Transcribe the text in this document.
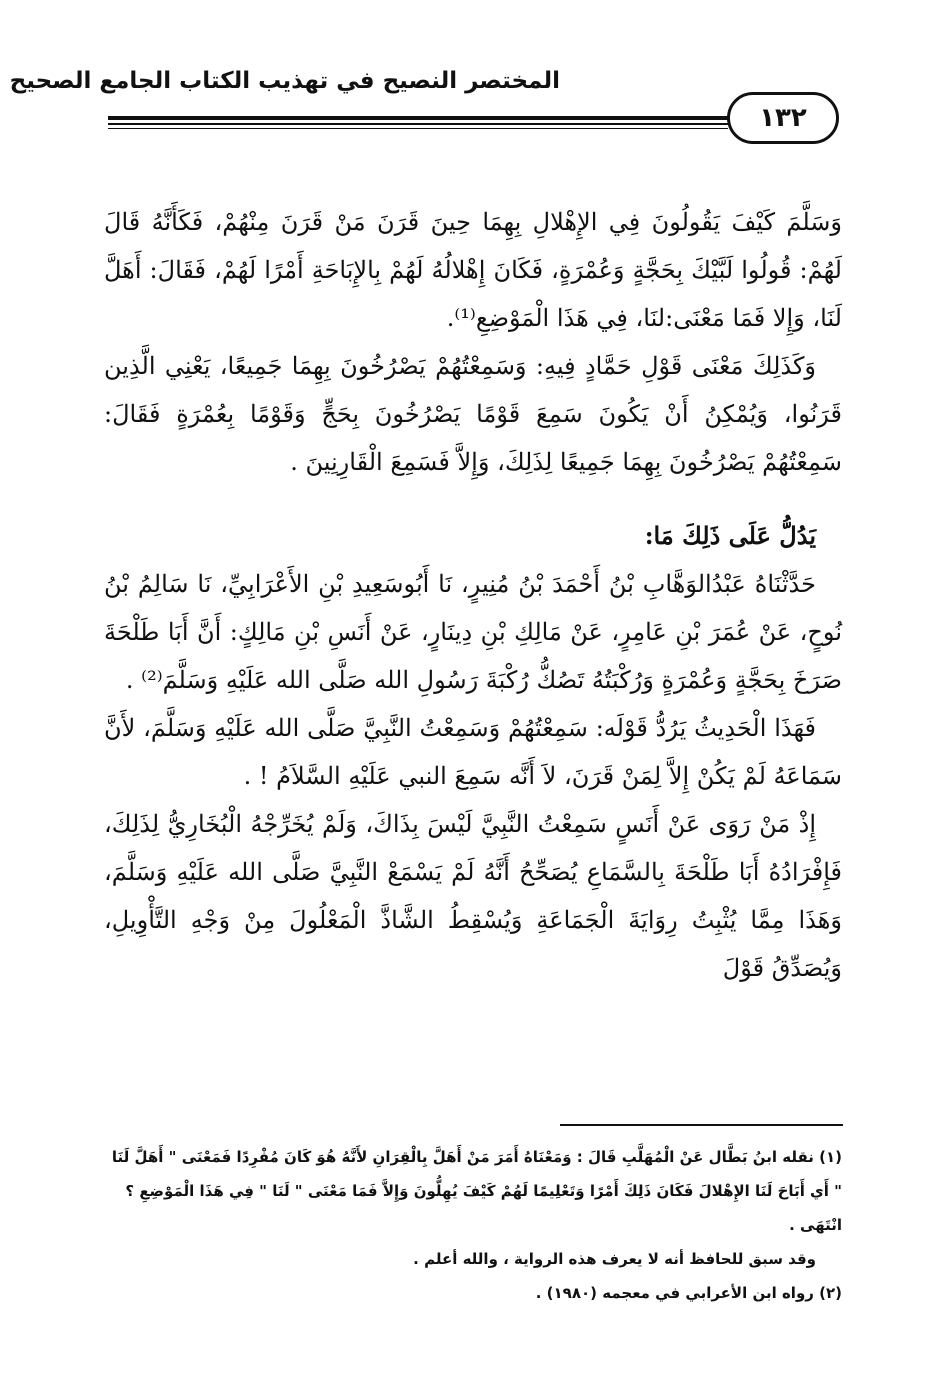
المختصر النصيح في تهذيب الكتاب الجامع الصحيح
١٣٢

وَسَلَّمَ كَيْفَ يَقُولُونَ فِي الإِهْلالِ بِهِمَا حِينَ قَرَنَ مَنْ قَرَنَ مِنْهُمْ، فَكَأَنَّهُ قَالَ لَهُمْ: قُولُوا لَبَّيْكَ بِحَجَّةٍ وَعُمْرَةٍ، فَكَانَ إِهْلالُهُ لَهُمْ بِالإِبَاحَةِ أَمْرًا لَهُمْ، فَقَالَ: أَهَلَّ لَنَا، وَإِلا فَمَا مَعْنَى:لنَا، فِي هَذَا الْمَوْضِعِ⁽¹⁾.

وَكَذَلِكَ مَعْنَى قَوْلِ حَمَّادٍ فِيهِ: وَسَمِعْتُهُمْ يَصْرُخُونَ بِهِمَا جَمِيعًا، يَعْنِي الَّذِين قَرَنُوا، وَيُمْكِنُ أَنْ يَكُونَ سَمِعَ قَوْمًا يَصْرُخُونَ بِحَجٍّ وَقَوْمًا بِعُمْرَةٍ فَقَالَ: سَمِعْتُهُمْ يَصْرُخُونَ بِهِمَا جَمِيعًا لِذَلِكَ، وَإِلاَّ فَسَمِعَ الْقَارِنِينَ .

يَدُلُّ عَلَى ذَلِكَ مَا:

حَدَّثْنَاهُ عَبْدُالوَهَّابِ بْنُ أَحْمَدَ بْنُ مُنِيرٍ، نَا أَبُوسَعِيدِ بْنِ الأَعْرَابِيِّ، نَا سَالِمُ بْنُ نُوحٍ، عَنْ عُمَرَ بْنِ عَامِرٍ، عَنْ مَالِكِ بْنِ دِينَارٍ، عَنْ أَنَسِ بْنِ مَالِكٍ: أَنَّ أَبَا طَلْحَةَ صَرَخَ بِحَجَّةٍ وَعُمْرَةٍ وَرُكْبَتُهُ تَصُكُّ رُكْبَةَ رَسُولِ الله صَلَّى الله عَلَيْهِ وَسَلَّمَ⁽²⁾ .

فَهَذَا الْحَدِيثُ يَرُدُّ قَوْلَه: سَمِعْتُهُمْ وَسَمِعْتُ النَّبِيَّ صَلَّى الله عَلَيْهِ وَسَلَّمَ، لأَنَّ سَمَاعَهُ لَمْ يَكُنْ إِلاَّ لِمَنْ قَرَنَ، لاَ أَنَّه سَمِعَ النبي عَلَيْهِ السَّلاَمُ ! .

إِذْ مَنْ رَوَى عَنْ أَنَسٍ سَمِعْتُ النَّبِيَّ لَيْسَ بِذَاكَ، وَلَمْ يُخَرِّجْهُ الْبُخَارِيُّ لِذَلِكَ، فَإِفْرَادُهُ أَبَا طَلْحَةَ بِالسَّمَاعِ يُصَحِّحُ أَنَّهُ لَمْ يَسْمَعْ النَّبِيَّ صَلَّى الله عَلَيْهِ وَسَلَّمَ، وَهَذَا مِمَّا يُثْبِتُ رِوَايَةَ الْجَمَاعَةِ وَيُسْقِطُ الشَّاذَّ الْمَعْلُولَ مِنْ وَجْهِ التَّأْوِيلِ، وَيُصَدِّقُ قَوْلَ

(١) نقله ابنُ بَطَّال عَنْ الْمُهَلَّبِ قَالَ : وَمَعْنَاهُ أَمَرَ مَنْ أَهَلَّ بِالْقِرَانِ لأَنَّهُ هُوَ كَانَ مُفْرِدًا فَمَعْنَى " أَهَلَّ لَنَا " أَي أَبَاحَ لَنَا الإِهْلالَ فَكَانَ ذَلِكَ أَمْرًا وَتَعْلِيمًا لَهُمْ كَيْفَ يُهِلُّونَ وَإِلاَّ فَمَا مَعْنَى " لَنَا " فِي هَذَا الْمَوْضِعِ ؟ انْتَهَى .

وقد سبق للحافظ أنه لا يعرف هذه الرواية ، والله أعلم .

(٢) رواه ابن الأعرابي في معجمه (١٩٨٠) .
